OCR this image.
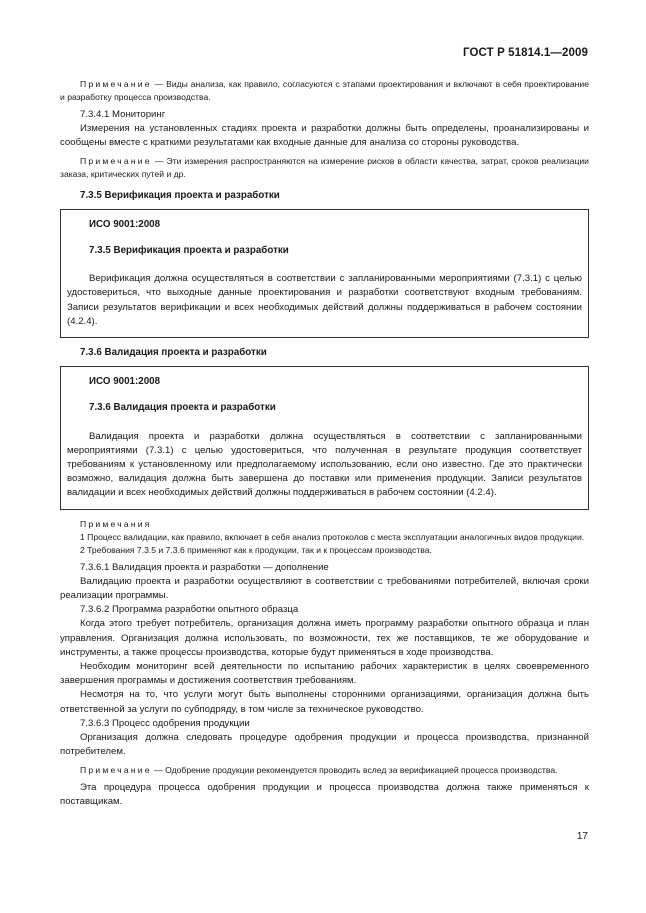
ГОСТ Р 51814.1—2009

Примечание — Виды анализа, как правило, согласуются с этапами проектирования и включают в себя проектирование и разработку процесса производства.

7.3.4.1 Мониторинг

Измерения на установленных стадиях проекта и разработки должны быть определены, проанализированы и сообщены вместе с краткими результатами как входные данные для анализа со стороны руководства.

Примечание — Эти измерения распространяются на измерение рисков в области качества, затрат, сроков реализации заказа, критических путей и др.

7.3.5 Верификация проекта и разработки

ИСО 9001:2008

7.3.5 Верификация проекта и разработки

Верификация должна осуществляться в соответствии с запланированными мероприятиями (7.3.1) с целью удостовериться, что выходные данные проектирования и разработки соответствуют входным требованиям. Записи результатов верификации и всех необходимых действий должны поддерживаться в рабочем состоянии (4.2.4).

7.3.6 Валидация проекта и разработки

ИСО 9001:2008

7.3.6 Валидация проекта и разработки

Валидация проекта и разработки должна осуществляться в соответствии с запланированными мероприятиями (7.3.1) с целью удостовериться, что полученная в результате продукция соответствует требованиям к установленному или предполагаемому использованию, если оно известно. Где это практически возможно, валидация должна быть завершена до поставки или применения продукции. Записи результатов валидации и всех необходимых действий должны поддерживаться в рабочем состоянии (4.2.4).

Примечания

1 Процесс валидации, как правило, включает в себя анализ протоколов с места эксплуатации аналогичных видов продукции.

2 Требования 7.3.5 и 7.3.6 применяют как к продукции, так и к процессам производства.

7.3.6.1 Валидация проекта и разработки — дополнение

Валидацию проекта и разработки осуществляют в соответствии с требованиями потребителей, включая сроки реализации программы.

7.3.6.2 Программа разработки опытного образца

Когда этого требует потребитель, организация должна иметь программу разработки опытного образца и план управления. Организация должна использовать, по возможности, тех же поставщиков, те же оборудование и инструменты, а также процессы производства, которые будут применяться в ходе производства.

Необходим мониторинг всей деятельности по испытанию рабочих характеристик в целях своевременного завершения программы и достижения соответствия требованиям.

Несмотря на то, что услуги могут быть выполнены сторонними организациями, организация должна быть ответственной за услуги по субподряду, в том числе за техническое руководство.

7.3.6.3 Процесс одобрения продукции

Организация должна следовать процедуре одобрения продукции и процесса производства, признанной потребителем.

Примечание — Одобрение продукции рекомендуется проводить вслед за верификацией процесса производства.

Эта процедура процесса одобрения продукции и процесса производства должна также применяться к поставщикам.

17
